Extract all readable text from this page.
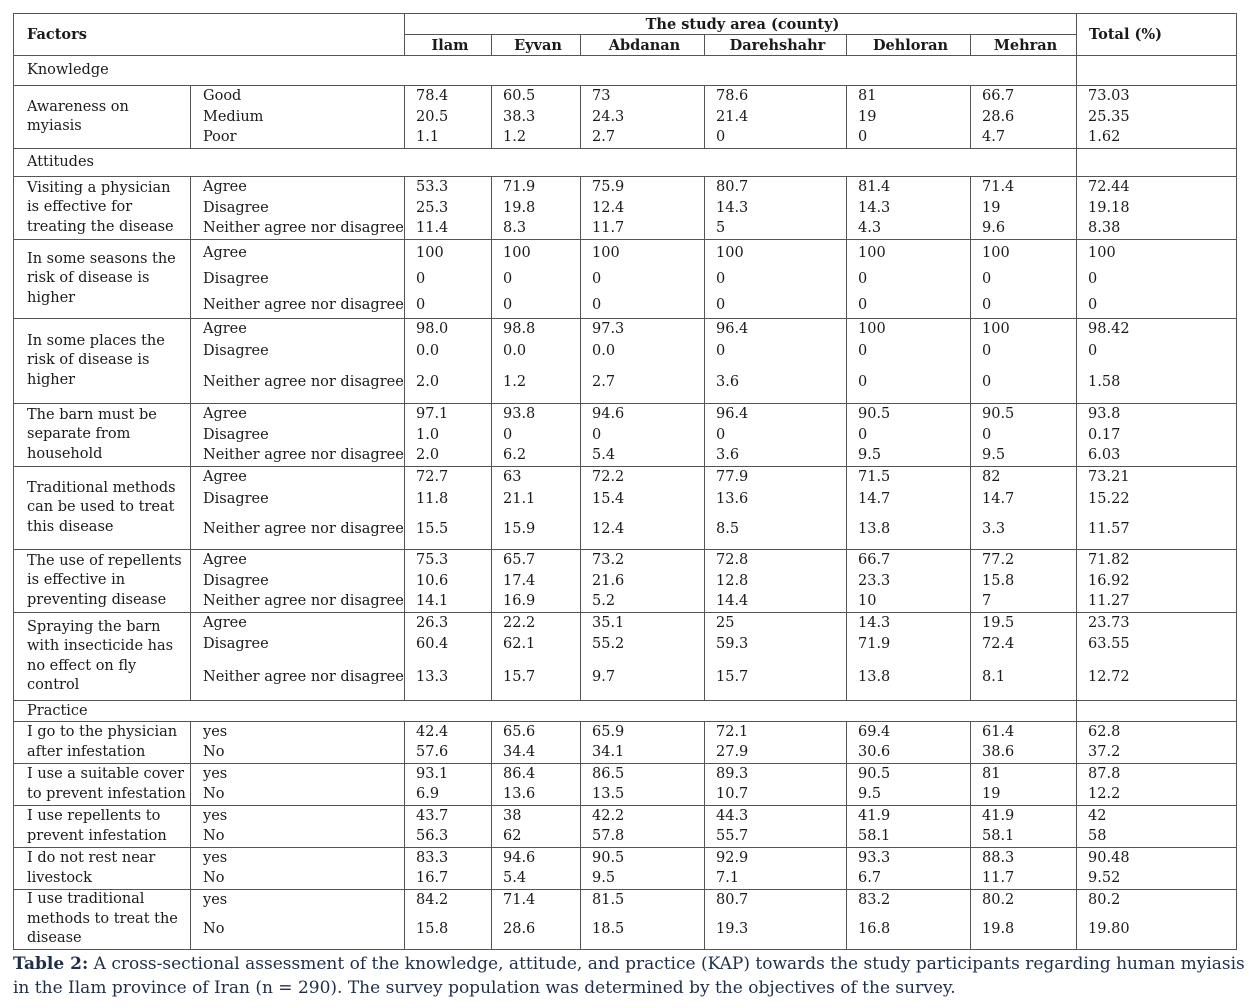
Factors		The study area (county)						Total (%)
		Ilam	Eyvan	Abdanan	Darehshahr	Dehloran	Mehran	
Knowledge								
Awareness on myiasis	Good	78.4	60.5	73	78.6	81	66.7	73.03
	Medium	20.5	38.3	24.3	21.4	19	28.6	25.35
	Poor	1.1	1.2	2.7	0	0	4.7	1.62
Attitudes								
Visiting a physician is effective for treating the disease	Agree	53.3	71.9	75.9	80.7	81.4	71.4	72.44
	Disagree	25.3	19.8	12.4	14.3	14.3	19	19.18
	Neither agree nor disagree	11.4	8.3	11.7	5	4.3	9.6	8.38
In some seasons the risk of disease is higher	Agree	100	100	100	100	100	100	100
	Disagree	0	0	0	0	0	0	0
	Neither agree nor disagree	0	0	0	0	0	0	0
In some places the risk of disease is higher	Agree	98.0	98.8	97.3	96.4	100	100	98.42
	Disagree	0.0	0.0	0.0	0	0	0	0
	Neither agree nor disagree	2.0	1.2	2.7	3.6	0	0	1.58
The barn must be separate from household	Agree	97.1	93.8	94.6	96.4	90.5	90.5	93.8
	Disagree	1.0	0	0	0	0	0	0.17
	Neither agree nor disagree	2.0	6.2	5.4	3.6	9.5	9.5	6.03
Traditional methods can be used to treat this disease	Agree	72.7	63	72.2	77.9	71.5	82	73.21
	Disagree	11.8	21.1	15.4	13.6	14.7	14.7	15.22
	Neither agree nor disagree	15.5	15.9	12.4	8.5	13.8	3.3	11.57
The use of repellents is effective in preventing disease	Agree	75.3	65.7	73.2	72.8	66.7	77.2	71.82
	Disagree	10.6	17.4	21.6	12.8	23.3	15.8	16.92
	Neither agree nor disagree	14.1	16.9	5.2	14.4	10	7	11.27
Spraying the barn with insecticide has no effect on fly control	Agree	26.3	22.2	35.1	25	14.3	19.5	23.73
	Disagree	60.4	62.1	55.2	59.3	71.9	72.4	63.55
	Neither agree nor disagree	13.3	15.7	9.7	15.7	13.8	8.1	12.72
Practice								
I go to the physician after infestation	yes	42.4	65.6	65.9	72.1	69.4	61.4	62.8
	No	57.6	34.4	34.1	27.9	30.6	38.6	37.2
I use a suitable cover to prevent infestation	yes	93.1	86.4	86.5	89.3	90.5	81	87.8
	No	6.9	13.6	13.5	10.7	9.5	19	12.2
I use repellents to prevent infestation	yes	43.7	38	42.2	44.3	41.9	41.9	42
	No	56.3	62	57.8	55.7	58.1	58.1	58
I do not rest near livestock	yes	83.3	94.6	90.5	92.9	93.3	88.3	90.48
	No	16.7	5.4	9.5	7.1	6.7	11.7	9.52
I use traditional methods to treat the disease	yes	84.2	71.4	81.5	80.7	83.2	80.2	80.2
	No	15.8	28.6	18.5	19.3	16.8	19.8	19.80
Table 2: A cross-sectional assessment of the knowledge, attitude, and practice (KAP) towards the study participants regarding human myiasis in the Ilam province of Iran (n = 290). The survey population was determined by the objectives of the survey.
